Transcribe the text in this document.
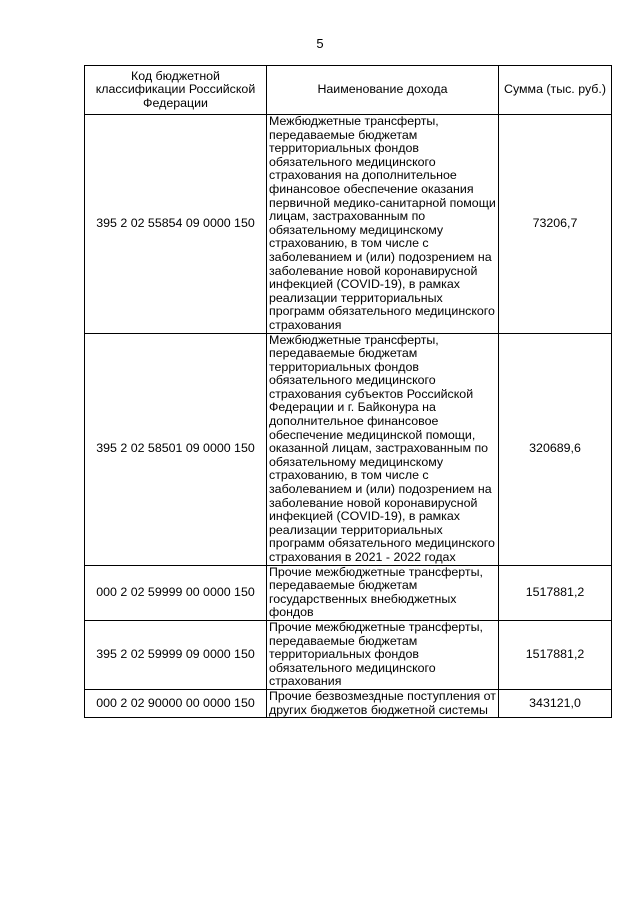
5
Код бюджетной классификации Российской Федерации	Наименование дохода	Сумма (тыс. руб.)
395 2 02 55854 09 0000 150	Межбюджетные трансферты, передаваемые бюджетам территориальных фондов обязательного медицинского страхования на дополнительное финансовое обеспечение оказания первичной медико-санитарной помощи лицам, застрахованным по обязательному медицинскому страхованию, в том числе с заболеванием и (или) подозрением на заболевание новой коронавирусной инфекцией (COVID-19), в рамках реализации территориальных программ обязательного медицинского страхования	73206,7
395 2 02 58501 09 0000 150	Межбюджетные трансферты, передаваемые бюджетам территориальных фондов обязательного медицинского страхования субъектов Российской Федерации и г. Байконура на дополнительное финансовое обеспечение медицинской помощи, оказанной лицам, застрахованным по обязательному медицинскому страхованию, в том числе с заболеванием и (или) подозрением на заболевание новой коронавирусной инфекцией (COVID-19), в рамках реализации территориальных программ обязательного медицинского страхования в 2021 - 2022 годах	320689,6
000 2 02 59999 00 0000 150	Прочие межбюджетные трансферты, передаваемые бюджетам государственных внебюджетных фондов	1517881,2
395 2 02 59999 09 0000 150	Прочие межбюджетные трансферты, передаваемые бюджетам территориальных фондов обязательного медицинского страхования	1517881,2
000 2 02 90000 00 0000 150	Прочие безвозмездные поступления от других бюджетов бюджетной системы	343121,0
